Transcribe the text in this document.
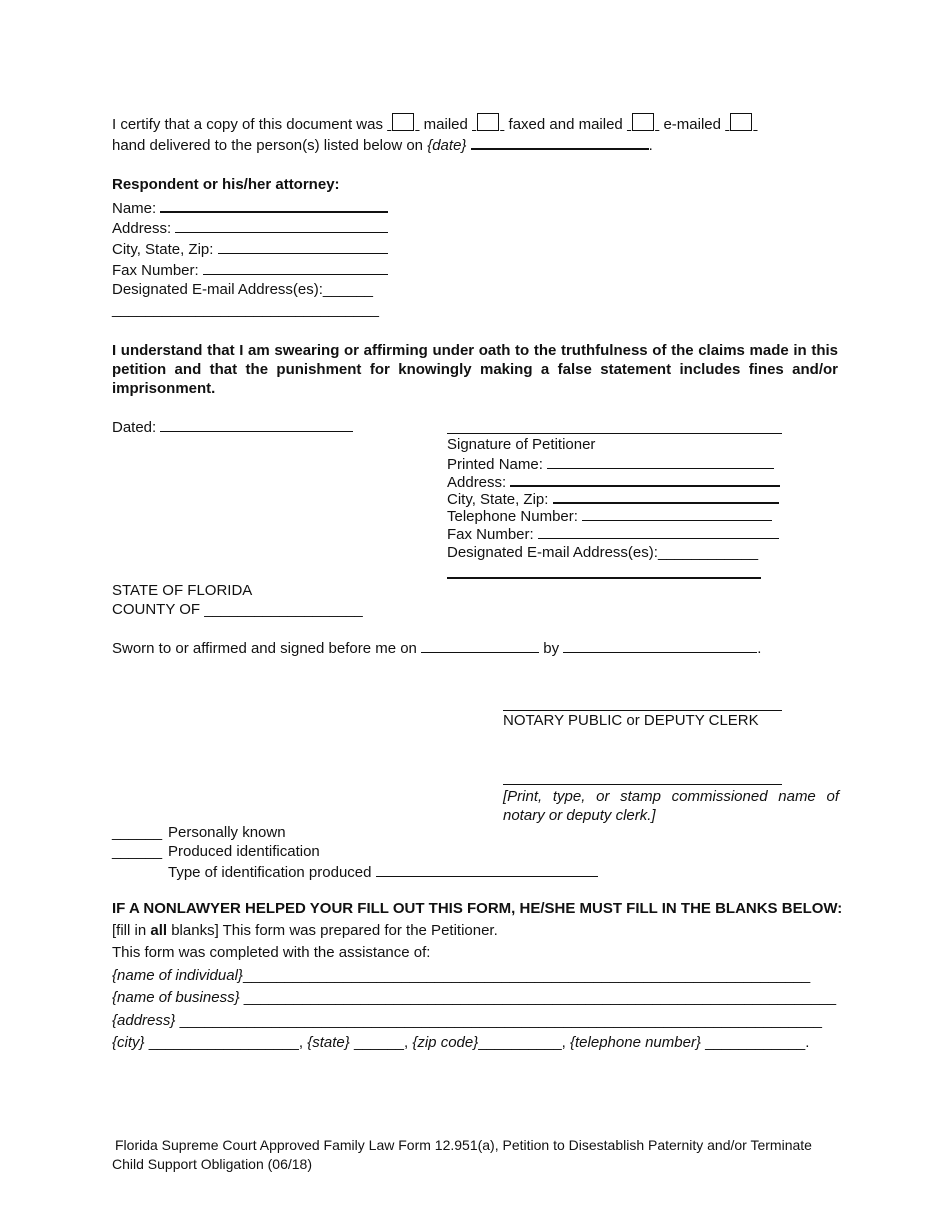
I certify that a copy of this document was	mailed	faxed and mailed	e-mailed
hand delivered to the person(s) listed below on {date}	.
Respondent or his/her attorney:
Name:
Address:
City, State, Zip:
Fax Number:
Designated E-mail Address(es):______
________________________________
I understand that I am swearing or affirming under oath to the truthfulness of the claims made in this petition and that the punishment for knowingly making a false statement includes fines and/or imprisonment.
Dated:
Signature of Petitioner
Printed Name:
Address:
City, State, Zip:
Telephone Number:
Fax Number:
Designated E-mail Address(es):____________
STATE OF FLORIDA
COUNTY OF ___________________
Sworn to or affirmed and signed before me on	by	.
NOTARY PUBLIC or DEPUTY CLERK
[Print, type, or stamp commissioned name of notary or deputy clerk.]
______ Personally known
______ Produced identification
Type of identification produced
IF A NONLAWYER HELPED YOUR FILL OUT THIS FORM, HE/SHE MUST FILL IN THE BLANKS BELOW:
[fill in all blanks] This form was prepared for the Petitioner.
This form was completed with the assistance of:
{name of individual}____________________________________________________________________
{name of business} _______________________________________________________________________
{address} _____________________________________________________________________________
{city} __________________, {state} ______, {zip code}__________, {telephone number} ____________.
Florida Supreme Court Approved Family Law Form 12.951(a), Petition to Disestablish Paternity and/or Terminate
Child Support Obligation (06/18)
